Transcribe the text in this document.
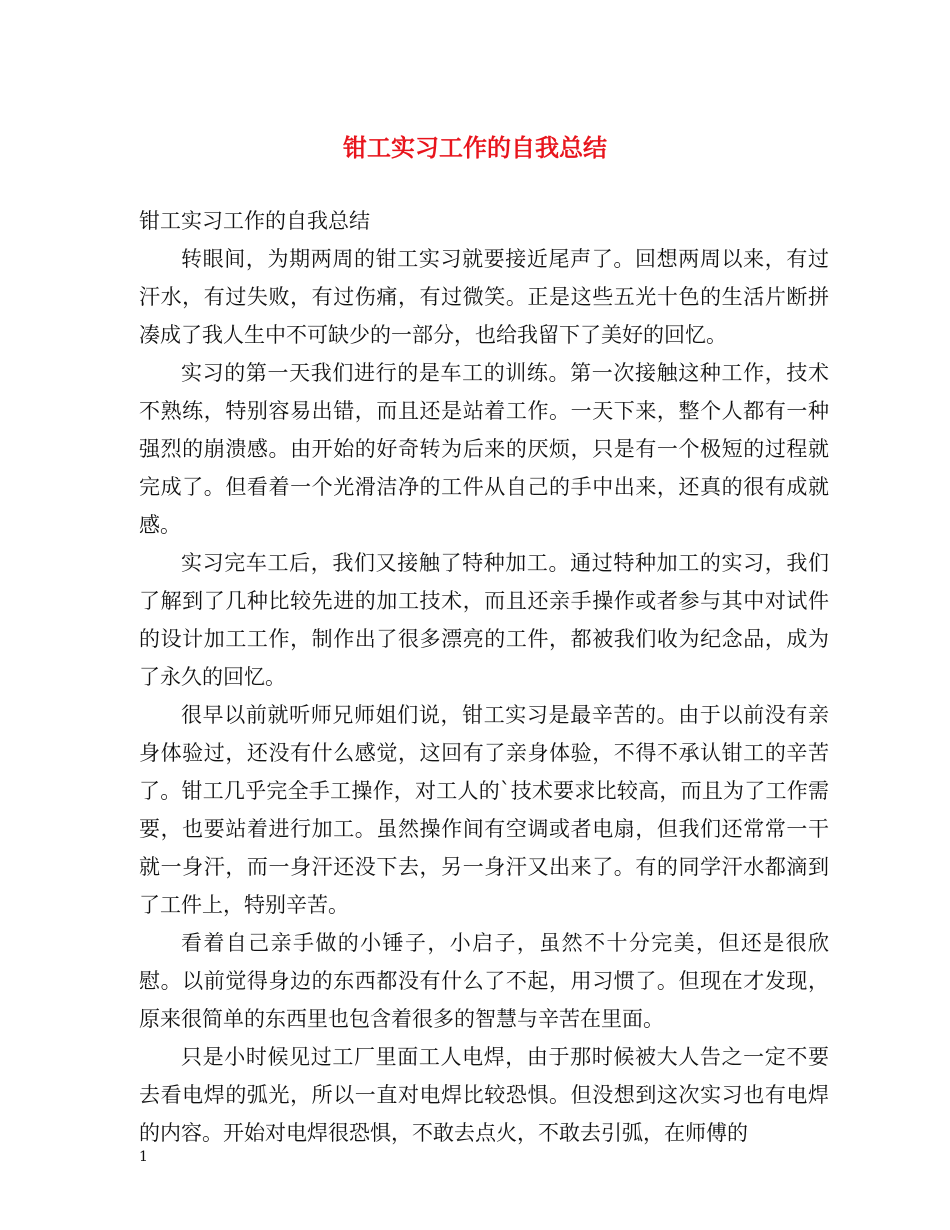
钳工实习工作的自我总结

钳工实习工作的自我总结

转眼间，为期两周的钳工实习就要接近尾声了。回想两周以来，有过汗水，有过失败，有过伤痛，有过微笑。正是这些五光十色的生活片断拼凑成了我人生中不可缺少的一部分，也给我留下了美好的回忆。

实习的第一天我们进行的是车工的训练。第一次接触这种工作，技术不熟练，特别容易出错，而且还是站着工作。一天下来，整个人都有一种强烈的崩溃感。由开始的好奇转为后来的厌烦，只是有一个极短的过程就完成了。但看着一个光滑洁净的工件从自己的手中出来，还真的很有成就感。

实习完车工后，我们又接触了特种加工。通过特种加工的实习，我们了解到了几种比较先进的加工技术，而且还亲手操作或者参与其中对试件的设计加工工作，制作出了很多漂亮的工件，都被我们收为纪念品，成为了永久的回忆。

很早以前就听师兄师姐们说，钳工实习是最辛苦的。由于以前没有亲身体验过，还没有什么感觉，这回有了亲身体验，不得不承认钳工的辛苦了。钳工几乎完全手工操作，对工人的`技术要求比较高，而且为了工作需要，也要站着进行加工。虽然操作间有空调或者电扇，但我们还常常一干就一身汗，而一身汗还没下去，另一身汗又出来了。有的同学汗水都滴到了工件上，特别辛苦。

看着自己亲手做的小锤子，小启子，虽然不十分完美，但还是很欣慰。以前觉得身边的东西都没有什么了不起，用习惯了。但现在才发现，原来很简单的东西里也包含着很多的智慧与辛苦在里面。

只是小时候见过工厂里面工人电焊，由于那时候被大人告之一定不要去看电焊的弧光，所以一直对电焊比较恐惧。但没想到这次实习也有电焊的内容。开始对电焊很恐惧，不敢去点火，不敢去引弧，在师傅的

1
